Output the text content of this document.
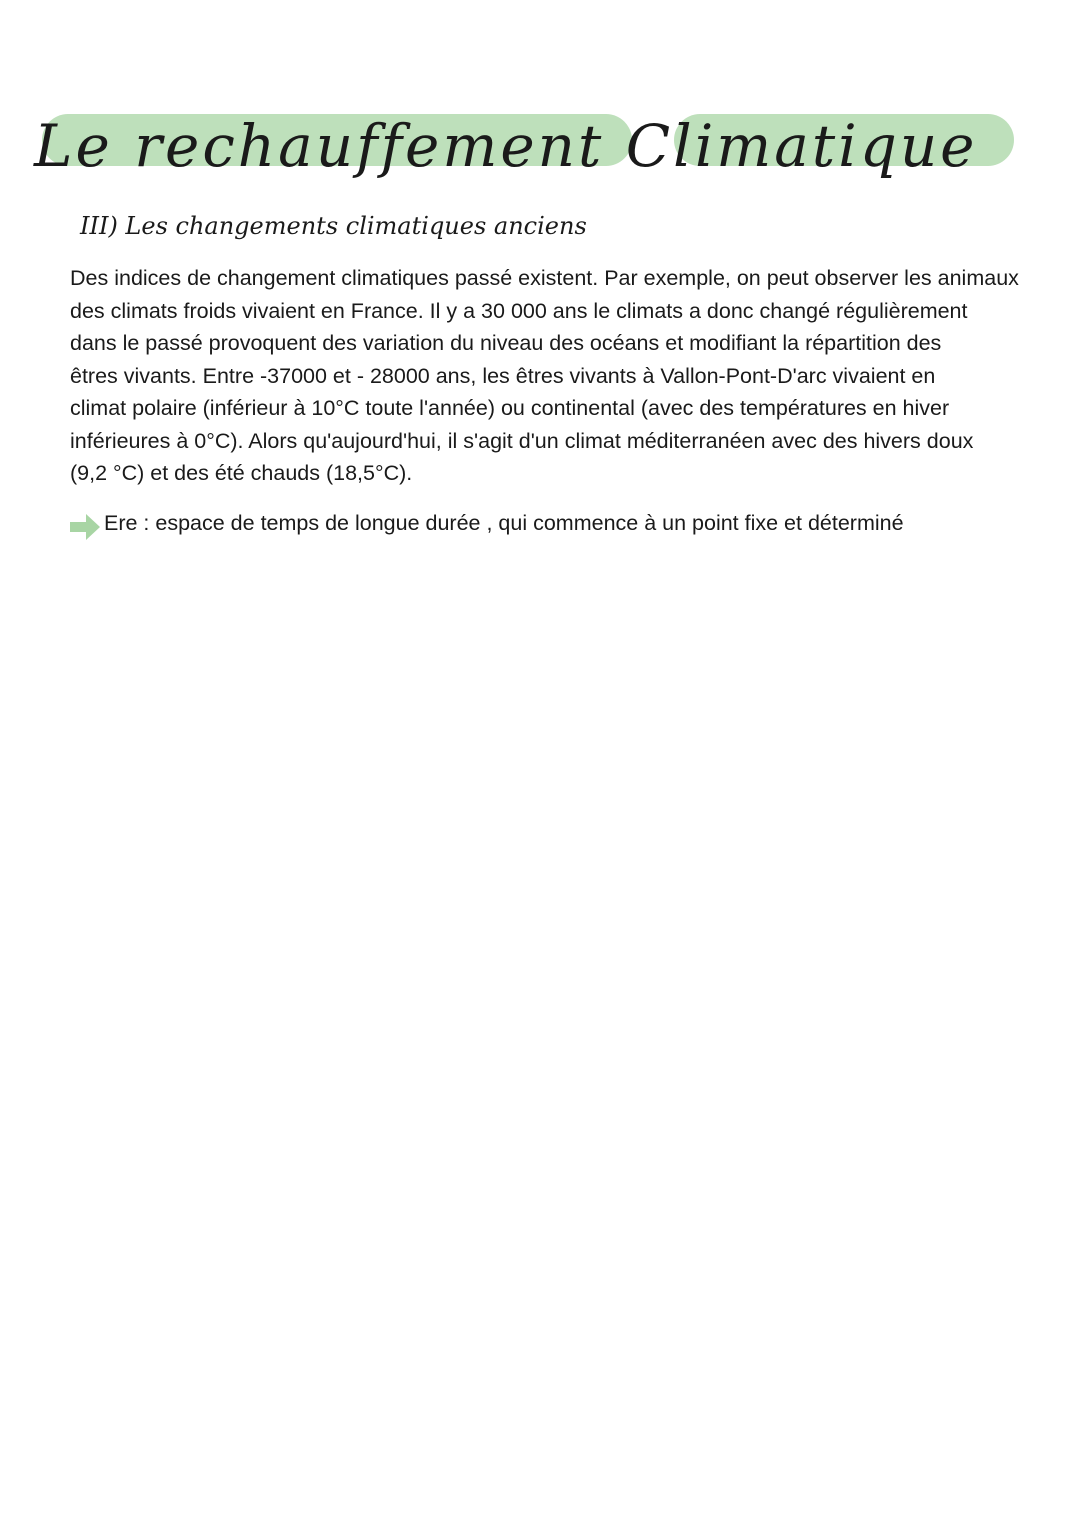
Le rechauffement Climatique
III) Les changements climatiques anciens
Des indices de changement climatiques passé existent. Par exemple, on peut observer les animaux
des climats froids vivaient en France. Il y a 30 000 ans le climats a donc changé régulièrement
dans le passé provoquent des variation du niveau des océans et modifiant la répartition des
êtres vivants. Entre -37000 et - 28000 ans, les êtres vivants à Vallon-Pont-D'arc vivaient en
climat polaire (inférieur à 10°C toute l'année) ou continental (avec des températures en hiver
inférieures à 0°C). Alors qu'aujourd'hui, il s'agit d'un climat méditerranéen avec des hivers doux
(9,2 °C) et des été chauds (18,5°C).
Ere : espace de temps de longue durée , qui commence à un point fixe et déterminé
